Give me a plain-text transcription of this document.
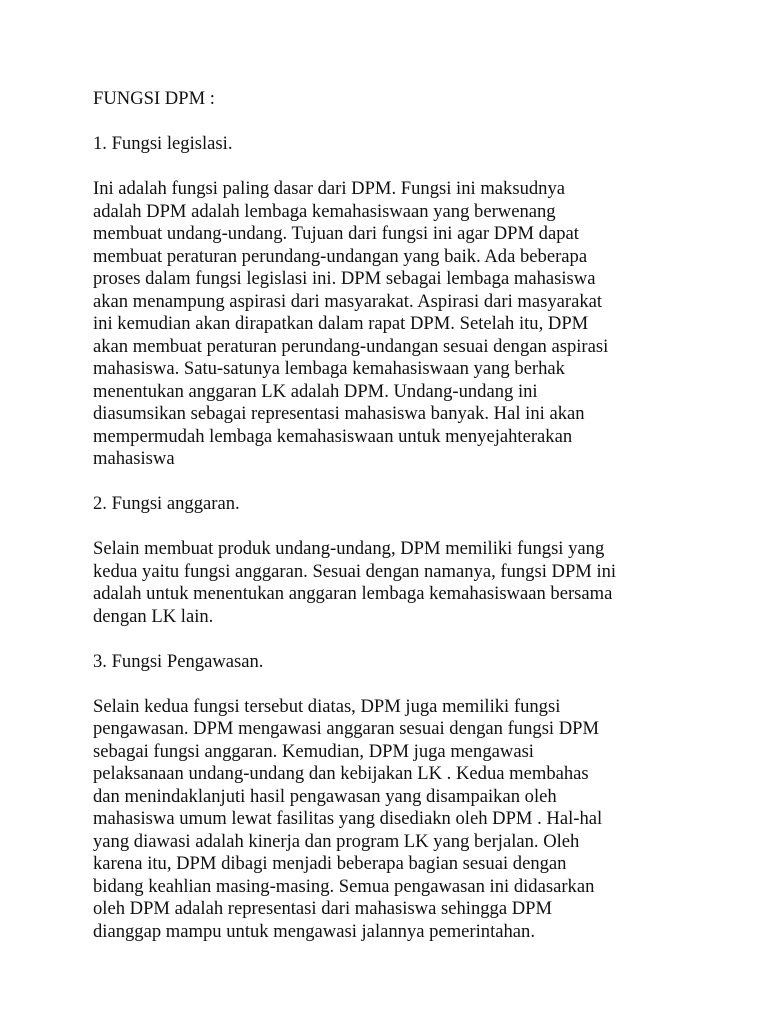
FUNGSI DPM :

1. Fungsi legislasi.

Ini adalah fungsi paling dasar dari DPM. Fungsi ini maksudnya
adalah DPM adalah lembaga kemahasiswaan yang berwenang
membuat undang-undang. Tujuan dari fungsi ini agar DPM dapat
membuat peraturan perundang-undangan yang baik. Ada beberapa
proses dalam fungsi legislasi ini. DPM sebagai lembaga mahasiswa
akan menampung aspirasi dari masyarakat. Aspirasi dari masyarakat
ini kemudian akan dirapatkan dalam rapat DPM. Setelah itu, DPM
akan membuat peraturan perundang-undangan sesuai dengan aspirasi
mahasiswa. Satu-satunya lembaga kemahasiswaan yang berhak
menentukan anggaran LK adalah DPM. Undang-undang ini
diasumsikan sebagai representasi mahasiswa banyak. Hal ini akan
mempermudah lembaga kemahasiswaan untuk menyejahterakan
mahasiswa

2. Fungsi anggaran.

Selain membuat produk undang-undang, DPM memiliki fungsi yang
kedua yaitu fungsi anggaran. Sesuai dengan namanya, fungsi DPM ini
adalah untuk menentukan anggaran lembaga kemahasiswaan bersama
dengan LK lain.

3. Fungsi Pengawasan.

Selain kedua fungsi tersebut diatas, DPM juga memiliki fungsi
pengawasan. DPM mengawasi anggaran sesuai dengan fungsi DPM
sebagai fungsi anggaran. Kemudian, DPM juga mengawasi
pelaksanaan undang-undang dan kebijakan LK . Kedua membahas
dan menindaklanjuti hasil pengawasan yang disampaikan oleh
mahasiswa umum lewat fasilitas yang disediakn oleh DPM . Hal-hal
yang diawasi adalah kinerja dan program LK yang berjalan. Oleh
karena itu, DPM dibagi menjadi beberapa bagian sesuai dengan
bidang keahlian masing-masing. Semua pengawasan ini didasarkan
oleh DPM adalah representasi dari mahasiswa sehingga DPM
dianggap mampu untuk mengawasi jalannya pemerintahan.
